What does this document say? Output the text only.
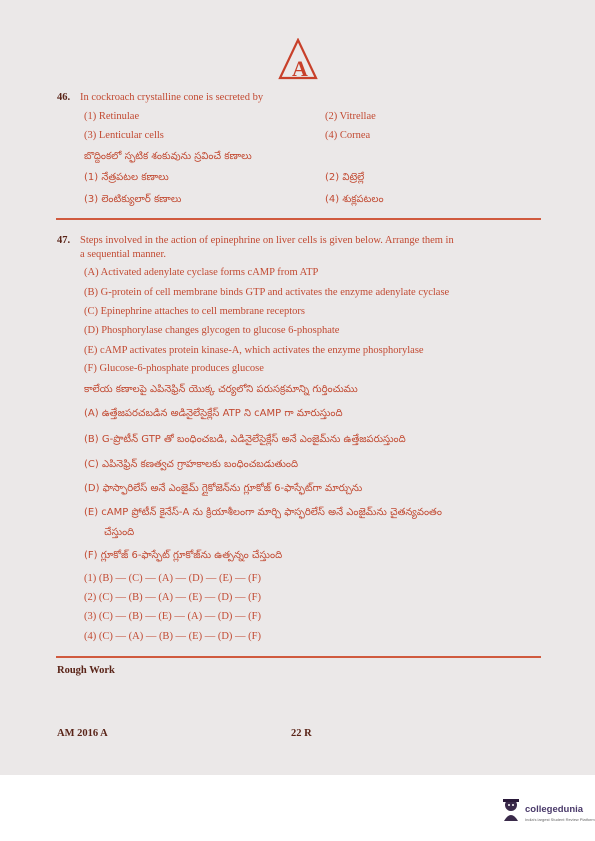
A
46. In cockroach crystalline cone is secreted by
(1) Retinulae	(2) Vitrellae
(3) Lenticular cells	(4) Cornea
బొద్దింకలో స్ఫటిక శంకువును స్రవించే కణాలు
(1) నేత్రపటల కణాలు	(2) విట్రెల్లే
(3) లెంటిక్యులార్ కణాలు	(4) శుక్లపటలం
47. Steps involved in the action of epinephrine on liver cells is given below. Arrange them in
a sequential manner.
(A) Activated adenylate cyclase forms cAMP from ATP
(B) G-protein of cell membrane binds GTP and activates the enzyme adenylate cyclase
(C) Epinephrine attaches to cell membrane receptors
(D) Phosphorylase changes glycogen to glucose 6-phosphate
(E) cAMP activates protein kinase-A, which activates the enzyme phosphorylase
(F) Glucose-6-phosphate produces glucose
కాలేయ కణాలపై ఎపినెఫ్రిన్ యొక్క చర్యలోని పరుసక్రమాన్ని గుర్తించుము
(A) ఉత్తేజపరచబడిన అడినైలేసైక్లేస్ ATP ని cAMP గా మారుస్తుంది
(B) G-ప్రొటీన్ GTP తో బంధించబడి, ఎడినైలేసైక్లేస్ అనే ఎంజైమ్‌ను ఉత్తేజపరుస్తుంది
(C) ఎపినెఫ్రిన్ కణత్వచ గ్రాహకాలకు బంధించబడుతుంది
(D) ఫాస్ఫారిలేస్ అనే ఎంజైమ్ గ్లైకోజెన్‌ను గ్లూకోజ్ 6-ఫాస్ఫేట్‌గా మార్చును
(E) cAMP ప్రోటీన్ కైనేస్-A ను క్రియాశీలంగా మార్చి ఫాస్ఫరిలేస్ అనే ఎంజైమ్‌ను చైతన్యవంతం
చేస్తుంది
(F) గ్లూకోజ్ 6-ఫాస్ఫేట్ గ్లూకోజ్‌ను ఉత్పన్నం చేస్తుంది
(1) (B) — (C) — (A) — (D) — (E) — (F)
(2) (C) — (B) — (A) — (E) — (D) — (F)
(3) (C) — (B) — (E) — (A) — (D) — (F)
(4) (C) — (A) — (B) — (E) — (D) — (F)
Rough Work
AM 2016 A	22 R
collegedunia
India's largest Student Review Platform
